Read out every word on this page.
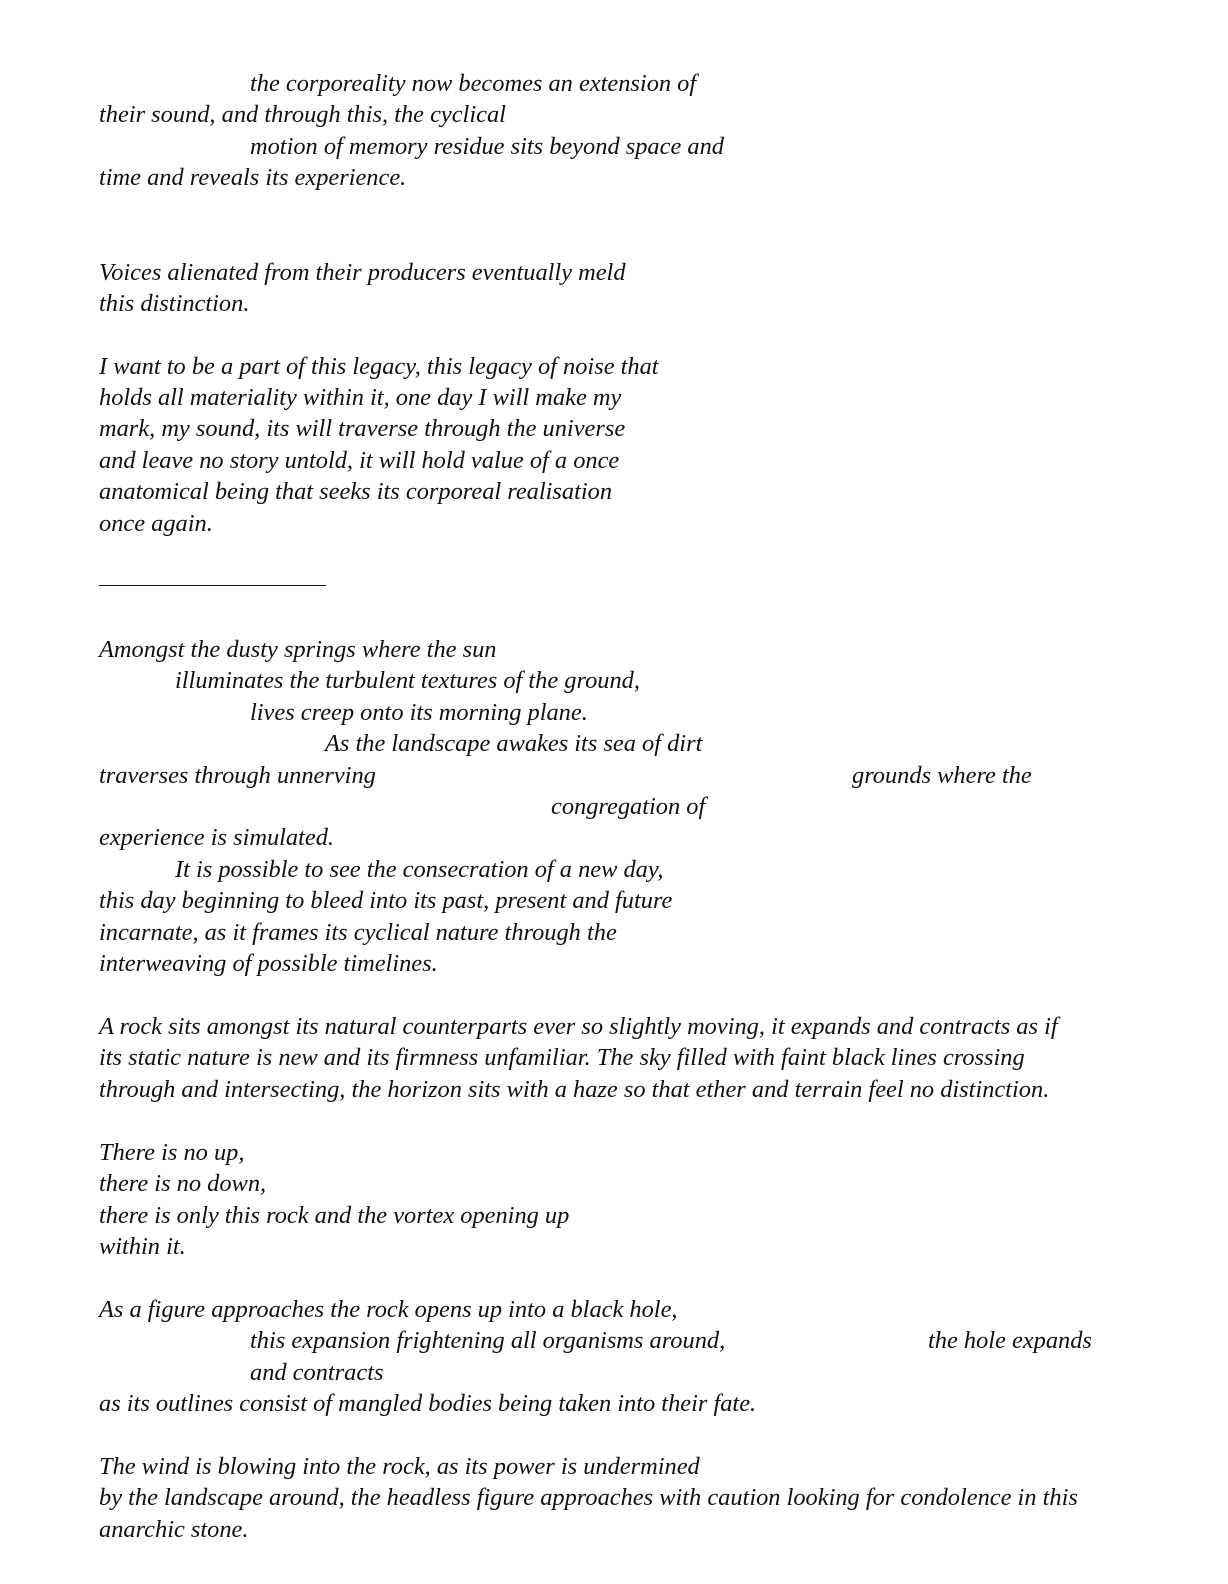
the corporeality now becomes an extension of

their sound, and through this, the cyclical

motion of memory residue sits beyond space and

time and reveals its experience.

Voices alienated from their producers eventually meld

this distinction.

I want to be a part of this legacy, this legacy of noise that

holds all materiality within it, one day I will make my

mark, my sound, its will traverse through the universe

and leave no story untold, it will hold value of a once

anatomical being that seeks its corporeal realisation

once again.

Amongst the dusty springs where the sun

illuminates the turbulent textures of the ground,

lives creep onto its morning plane.

As the landscape awakes its sea of dirt

traverses through unnerving	grounds where the

congregation of

experience is simulated.

It is possible to see the consecration of a new day,

this day beginning to bleed into its past, present and future

incarnate, as it frames its cyclical nature through the

interweaving of possible timelines.

A rock sits amongst its natural counterparts ever so slightly moving, it expands and contracts as if

its static nature is new and its firmness unfamiliar. The sky filled with faint black lines crossing

through and intersecting, the horizon sits with a haze so that ether and terrain feel no distinction.

There is no up,

there is no down,

there is only this rock and the vortex opening up

within it.

As a figure approaches the rock opens up into a black hole,

this expansion frightening all organisms around,	the hole expands

and contracts

as its outlines consist of mangled bodies being taken into their fate.

The wind is blowing into the rock, as its power is undermined

by the landscape around, the headless figure approaches with caution looking for condolence in this

anarchic stone.
